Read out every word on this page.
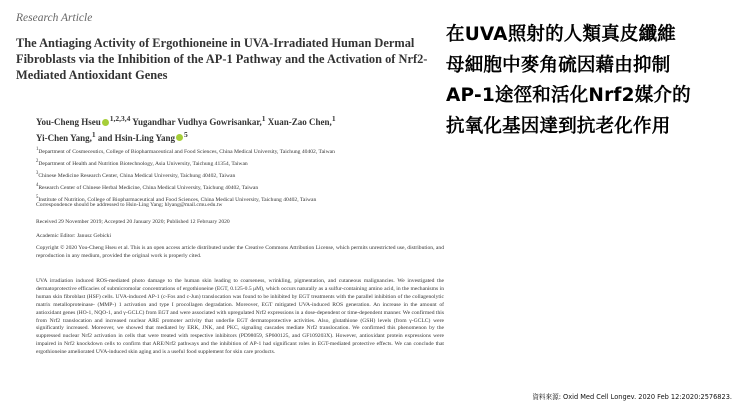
Research Article
The Antiaging Activity of Ergothioneine in UVA-Irradiated Human Dermal Fibroblasts via the Inhibition of the AP-1 Pathway and the Activation of Nrf2-Mediated Antioxidant Genes
You-Cheng Hseu $^{1,2,3,4}$ Yugandhar Vudhya Gowrisankar,$^1$ Xuan-Zao Chen,$^1$
Yi-Chen Yang,$^1$ and Hsin-Ling Yang $^5$
$^1$Department of Cosmeceutics, College of Biopharmaceutical and Food Sciences, China Medical University, Taichung 40402, Taiwan
$^2$Department of Health and Nutrition Biotechnology, Asia University, Taichung 41354, Taiwan
$^3$Chinese Medicine Research Center, China Medical University, Taichung 40402, Taiwan
$^4$Research Center of Chinese Herbal Medicine, China Medical University, Taichung 40402, Taiwan
$^5$Institute of Nutrition, College of Biopharmaceutical and Food Sciences, China Medical University, Taichung 40402, Taiwan
Correspondence should be addressed to Hsin-Ling Yang; hlyang@mail.cmu.edu.tw
Received 29 November 2019; Accepted 20 January 2020; Published 12 February 2020
Academic Editor: Janusz Gebicki
Copyright © 2020 You-Cheng Hseu et al. This is an open access article distributed under the Creative Commons Attribution License, which permits unrestricted use, distribution, and reproduction in any medium, provided the original work is properly cited.
UVA irradiation induced ROS-mediated photo damage to the human skin leading to coarseness, wrinkling, pigmentation, and cutaneous malignancies. We investigated the dermatoprotective efficacies of submicromolar concentrations of ergothioneine (EGT, 0.125-0.5 μM), which occurs naturally as a sulfur-containing amino acid, in the mechanisms in human skin fibroblast (HSF) cells. UVA-induced AP-1 (c-Fos and c-Jun) translocation was found to be inhibited by EGT treatments with the parallel inhibition of the collagenolytic matrix metalloproteinase- (MMP-) 1 activation and type I procollagen degradation. Moreover, EGT mitigated UVA-induced ROS generation. An increase in the amount of antioxidant genes (HO-1, NQO-1, and γ-GCLC) from EGT and were associated with upregulated Nrf2 expressions in a dose-dependent or time-dependent manner. We confirmed this from Nrf2 translocation and increased nuclear ARE promoter activity that underlie EGT dermatoprotective activities. Also, glutathione (GSH) levels (from γ-GCLC) were significantly increased. Moreover, we showed that mediated by ERK, JNK, and PKC, signaling cascades mediate Nrf2 translocation. We confirmed this phenomenon by the suppressed nuclear Nrf2 activation in cells that were treated with respective inhibitors (PD98059, SP600125, and GF109203X). However, antioxidant protein expressions were impaired in Nrf2 knockdown cells to confirm that ARE/Nrf2 pathways and the inhibition of AP-1 had significant roles in EGT-mediated protective effects. We can conclude that ergothioneine ameliorated UVA-induced skin aging and is a useful food supplement for skin care products.
在UVA照射的人類真皮纖維
母細胞中麥角硫因藉由抑制
AP-1途徑和活化Nrf2媒介的
抗氧化基因達到抗老化作用
資料來源: Oxid Med Cell Longev. 2020 Feb 12:2020:2576823.
